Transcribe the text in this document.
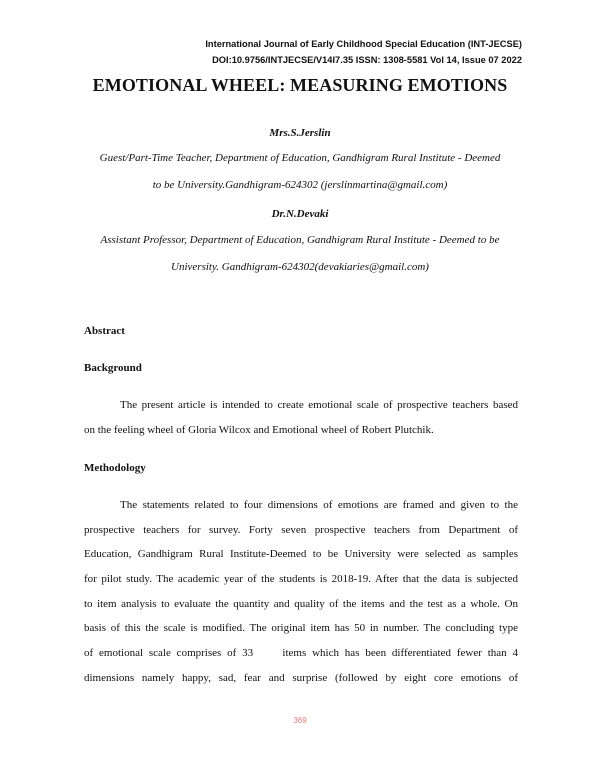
International Journal of Early Childhood Special Education (INT-JECSE)
DOI:10.9756/INTJECSE/V14I7.35 ISSN: 1308-5581 Vol 14, Issue 07 2022
EMOTIONAL WHEEL: MEASURING EMOTIONS
Mrs.S.Jerslin
Guest/Part-Time Teacher, Department of Education, Gandhigram Rural Institute - Deemed
to be University.Gandhigram-624302 (jerslinmartina@gmail.com)
Dr.N.Devaki
Assistant Professor, Department of Education, Gandhigram Rural Institute - Deemed to be
University. Gandhigram-624302(devakiaries@gmail.com)
Abstract
Background
The present article is intended to create emotional scale of prospective teachers based
on the feeling wheel of Gloria Wilcox and Emotional wheel of Robert Plutchik.
Methodology
The statements related to four dimensions of emotions are framed and given to the
prospective teachers for survey. Forty seven prospective teachers from Department of
Education, Gandhigram Rural Institute-Deemed to be University were selected as samples
for pilot study. The academic year of the students is 2018-19. After that the data is subjected
to item analysis to evaluate the quantity and quality of the items and the test as a whole. On
basis of this the scale is modified. The original item has 50 in number. The concluding type
of emotional scale comprises of 33     items which has been differentiated fewer than 4
dimensions namely happy, sad, fear and surprise (followed by eight core emotions of
369
